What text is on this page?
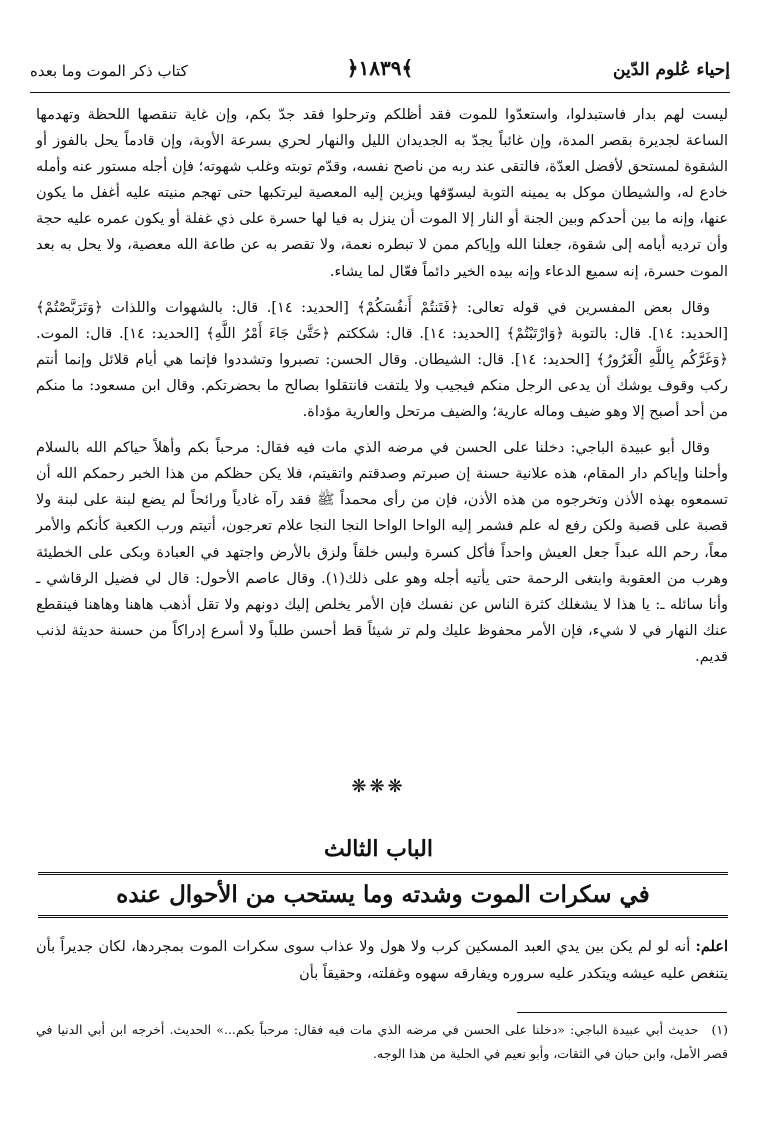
إحياء عُلوم الدّين
﴿١٨٣٩﴾
كتاب ذكر الموت وما بعده

ليست لهم بدار فاستبدلوا، واستعدّوا للموت فقد أظلكم وترحلوا فقد جدّ بكم، وإن غاية تنقصها اللحظة وتهدمها الساعة لجديرة بقصر المدة، وإن غائباً يجدّ به الجديدان الليل والنهار لحري بسرعة الأوبة، وإن قادماً يحل بالفوز أو الشقوة لمستحق لأفضل العدّة، فالتقى عند ربه من ناصح نفسه، وقدّم توبته وغلب شهوته؛ فإن أجله مستور عنه وأمله خادع له، والشيطان موكل به يمينه التوبة ليسوّفها ويزين إليه المعصية ليرتكبها حتى تهجم منيته عليه أغفل ما يكون عنها، وإنه ما بين أحدكم وبين الجنة أو النار إلا الموت أن ينزل به فيا لها حسرة على ذي غفلة أو يكون عمره عليه حجة وأن ترديه أيامه إلى شقوة، جعلنا الله وإياكم ممن لا تبطره نعمة، ولا تقصر به عن طاعة الله معصية، ولا يحل به بعد الموت حسرة، إنه سميع الدعاء وإنه بيده الخير دائماً فعّال لما يشاء.

وقال بعض المفسرين في قوله تعالى: ﴿فَتَنتُمْ أَنفُسَكُمْ﴾ [الحديد: ١٤]. قال: بالشهوات واللذات ﴿وَتَرَبَّصْتُمْ﴾ [الحديد: ١٤]. قال: بالتوبة ﴿وَارْتَبْتُمْ﴾ [الحديد: ١٤]. قال: شككتم ﴿حَتَّىٰ جَاءَ أَمْرُ اللَّهِ﴾ [الحديد: ١٤]. قال: الموت. ﴿وَغَرَّكُم بِاللَّهِ الْغَرُورُ﴾ [الحديد: ١٤]. قال: الشيطان. وقال الحسن: تصبروا وتشددوا فإنما هي أيام قلائل وإنما أنتم ركب وقوف يوشك أن يدعى الرجل منكم فيجيب ولا يلتفت فانتقلوا بصالح ما بحضرتكم. وقال ابن مسعود: ما منكم من أحد أصبح إلا وهو ضيف وماله عارية؛ والضيف مرتحل والعارية مؤداة.

وقال أبو عبيدة الباجي: دخلنا على الحسن في مرضه الذي مات فيه فقال: مرحباً بكم وأهلاً حياكم الله بالسلام وأحلنا وإياكم دار المقام، هذه علانية حسنة إن صبرتم وصدقتم واتقيتم، فلا يكن حظكم من هذا الخبر رحمكم الله أن تسمعوه بهذه الأذن وتخرجوه من هذه الأذن، فإن من رأى محمداً ﷺ فقد رآه غادياً ورائحاً لم يضع لبنة على لبنة ولا قصبة على قصبة ولكن رفع له علم فشمر إليه الواحا الواحا النجا النجا علام تعرجون، أتيتم ورب الكعبة كأنكم والأمر معاً، رحم الله عبداً جعل العيش واحداً فأكل كسرة ولبس خلقاً ولزق بالأرض واجتهد في العبادة وبكى على الخطيئة وهرب من العقوبة وابتغى الرحمة حتى يأتيه أجله وهو على ذلك(١). وقال عاصم الأحول: قال لي فضيل الرقاشي ـ وأنا سائله ـ: يا هذا لا يشغلك كثرة الناس عن نفسك فإن الأمر يخلص إليك دونهم ولا تقل أذهب هاهنا وهاهنا فينقطع عنك النهار في لا شيء، فإن الأمر محفوظ عليك ولم تر شيئاً قط أحسن طلباً ولا أسرع إدراكاً من حسنة حديثة لذنب قديم.

❋❋❋
الباب الثالث
في سكرات الموت وشدته وما يستحب من الأحوال عنده

اعلم: أنه لو لم يكن بين يدي العبد المسكين كرب ولا هول ولا عذاب سوى سكرات الموت بمجردها، لكان جديراً بأن يتنغص عليه عيشه ويتكدر عليه سروره ويفارقه سهوه وغفلته، وحقيقاً بأن

(١) حديث أبي عبيدة الباجي: «دخلنا على الحسن في مرضه الذي مات فيه فقال: مرحباً بكم...» الحديث. أخرجه ابن أبي الدنيا في قصر الأمل، وابن حبان في الثقات، وأبو نعيم في الحلية من هذا الوجه.
